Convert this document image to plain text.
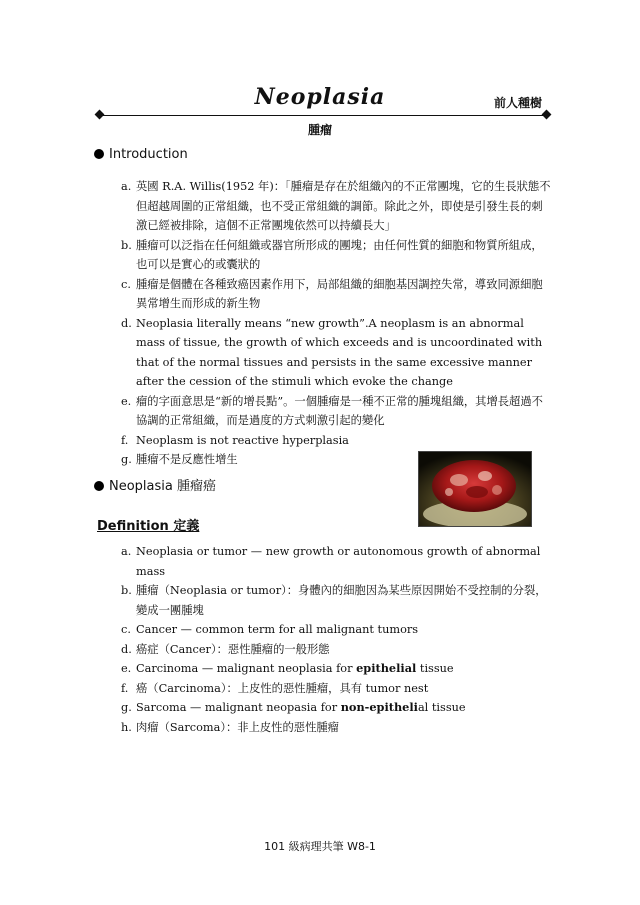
Neoplasia	前人種樹
腫瘤
Introduction
a. 英國 R.A. Willis(1952 年)：「腫瘤是存在於組織內的不正常團塊，它的生長狀態不但超越周圍的正常組織，也不受正常組織的調節。除此之外，即使是引發生長的刺激已經被排除，這個不正常團塊依然可以持續長大」
b. 腫瘤可以泛指在任何組織或器官所形成的團塊；由任何性質的細胞和物質所組成，也可以是實心的或囊狀的
c. 腫瘤是個體在各種致癌因素作用下，局部組織的細胞基因調控失常，導致同源細胞異常增生而形成的新生物
d. Neoplasia literally means “new growth”.A neoplasm is an abnormal mass of tissue, the growth of which exceeds and is uncoordinated with that of the normal tissues and persists in the same excessive manner after the cession of the stimuli which evoke the change
e. 瘤的字面意思是“新的增長點”。一個腫瘤是一種不正常的腫塊組織，其增長超過不協調的正常組織，而是過度的方式刺激引起的變化
f. Neoplasm is not reactive hyperplasia
g. 腫瘤不是反應性增生
Neoplasia 腫瘤癌
Definition 定義
a. Neoplasia or tumor — new growth or autonomous growth of abnormal mass
b. 腫瘤（Neoplasia or tumor）：身體內的細胞因為某些原因開始不受控制的分裂，變成一團腫塊
c. Cancer — common term for all malignant tumors
d. 癌症（Cancer）：惡性腫瘤的一般形態
e. Carcinoma — malignant neoplasia for epithelial tissue
f. 癌（Carcinoma）：上皮性的惡性腫瘤，具有 tumor nest
g. Sarcoma — malignant neopasia for non-epithelial tissue
h. 肉瘤（Sarcoma）：非上皮性的惡性腫瘤
101 級病理共筆 W8-1
